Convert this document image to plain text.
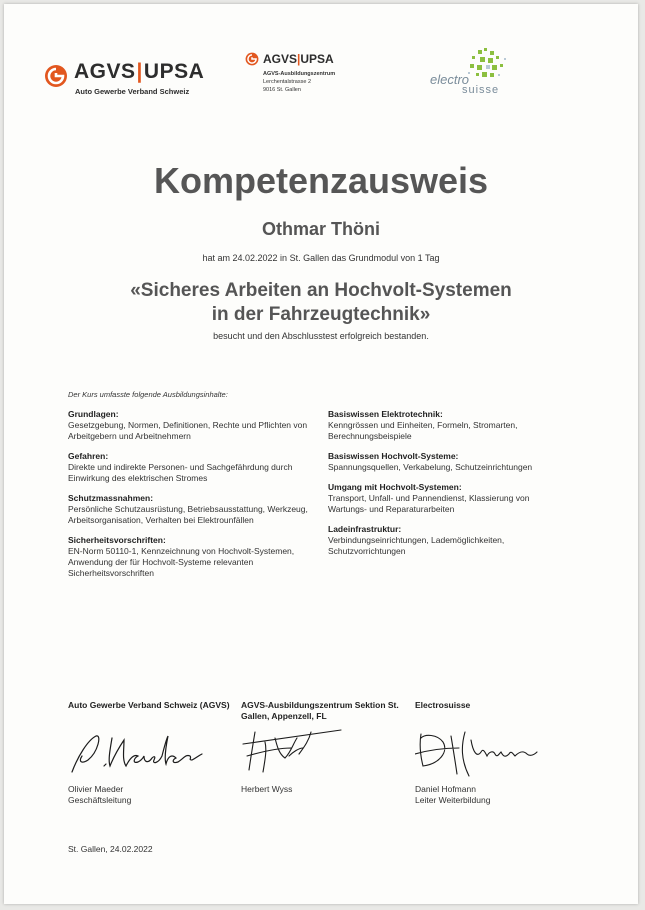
AGVS|UPSA
Auto Gewerbe Verband Schweiz
AGVS|UPSA
AGVS-Ausbildungszentrum
Lerchentalstrasse 2
9016 St. Gallen
electro
suisse
Kompetenzausweis
Othmar Thöni
hat am 24.02.2022 in St. Gallen das Grundmodul von 1 Tag
«Sicheres Arbeiten an Hochvolt-Systemen
in der Fahrzeugtechnik»
besucht und den Abschlusstest erfolgreich bestanden.
Der Kurs umfasste folgende Ausbildungsinhalte:
Grundlagen:
Gesetzgebung, Normen, Definitionen, Rechte und Pflichten von Arbeitgebern und Arbeitnehmern
Gefahren:
Direkte und indirekte Personen- und Sachgefährdung durch Einwirkung des elektrischen Stromes
Schutzmassnahmen:
Persönliche Schutzausrüstung, Betriebsausstattung, Werkzeug, Arbeitsorganisation, Verhalten bei Elektrounfällen
Sicherheitsvorschriften:
EN-Norm 50110-1, Kennzeichnung von Hochvolt-Systemen, Anwendung der für Hochvolt-Systeme relevanten Sicherheitsvorschriften
Basiswissen Elektrotechnik:
Kenngrössen und Einheiten, Formeln, Stromarten, Berechnungsbeispiele
Basiswissen Hochvolt-Systeme:
Spannungsquellen, Verkabelung, Schutzeinrichtungen
Umgang mit Hochvolt-Systemen:
Transport, Unfall- und Pannendienst, Klassierung von Wartungs- und Reparaturarbeiten
Ladeinfrastruktur:
Verbindungseinrichtungen, Lademöglichkeiten, Schutzvorrichtungen
Auto Gewerbe Verband Schweiz (AGVS)
Olivier Maeder
Geschäftsleitung
AGVS-Ausbildungszentrum Sektion St. Gallen, Appenzell, FL
Herbert Wyss
Electrosuisse
Daniel Hofmann
Leiter Weiterbildung
St. Gallen, 24.02.2022
